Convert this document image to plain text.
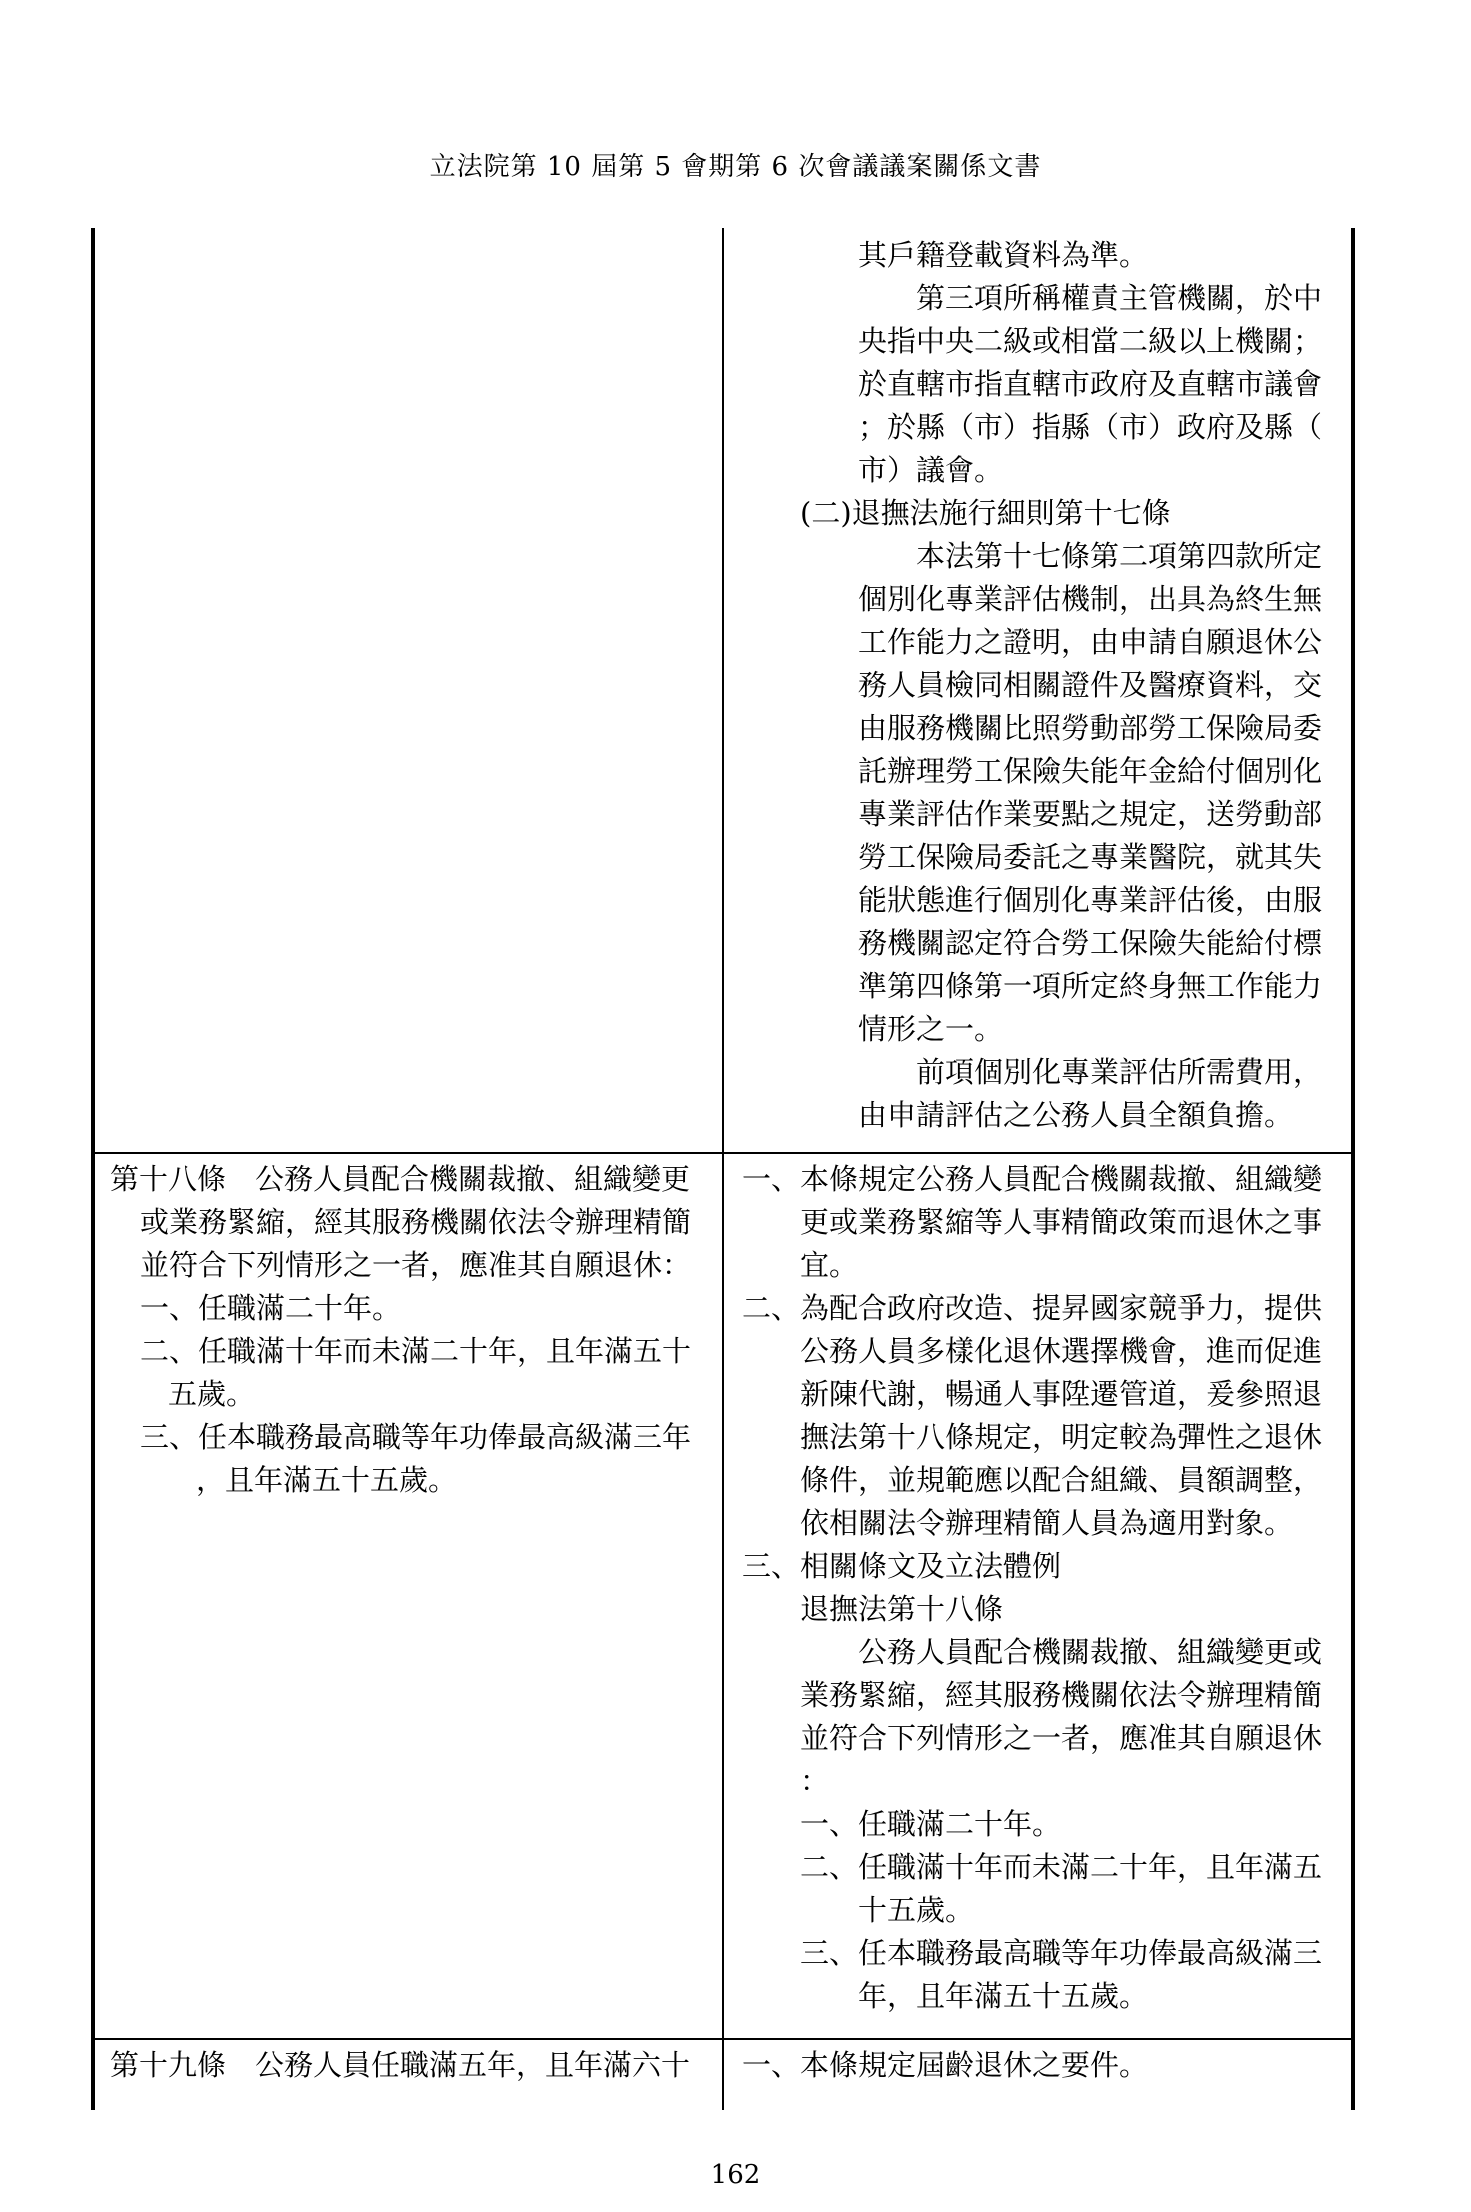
立法院第 10 屆第 5 會期第 6 次會議議案關係文書
其戶籍登載資料為準。
　　第三項所稱權責主管機關，於中
央指中央二級或相當二級以上機關；
於直轄市指直轄市政府及直轄市議會
；於縣（市）指縣（市）政府及縣（
市）議會。
(二)退撫法施行細則第十七條
　　本法第十七條第二項第四款所定
個別化專業評估機制，出具為終生無
工作能力之證明，由申請自願退休公
務人員檢同相關證件及醫療資料，交
由服務機關比照勞動部勞工保險局委
託辦理勞工保險失能年金給付個別化
專業評估作業要點之規定，送勞動部
勞工保險局委託之專業醫院，就其失
能狀態進行個別化專業評估後，由服
務機關認定符合勞工保險失能給付標
準第四條第一項所定終身無工作能力
情形之一。
　　前項個別化專業評估所需費用，
由申請評估之公務人員全額負擔。
第十八條　公務人員配合機關裁撤、組織變更
或業務緊縮，經其服務機關依法令辦理精簡
並符合下列情形之一者，應准其自願退休：
一、任職滿二十年。
二、任職滿十年而未滿二十年，且年滿五十
五歲。
三、任本職務最高職等年功俸最高級滿三年
，且年滿五十五歲。
一、本條規定公務人員配合機關裁撤、組織變
更或業務緊縮等人事精簡政策而退休之事
宜。
二、為配合政府改造、提昇國家競爭力，提供
公務人員多樣化退休選擇機會，進而促進
新陳代謝，暢通人事陞遷管道，爰參照退
撫法第十八條規定，明定較為彈性之退休
條件，並規範應以配合組織、員額調整，
依相關法令辦理精簡人員為適用對象。
三、相關條文及立法體例
退撫法第十八條
　　公務人員配合機關裁撤、組織變更或
業務緊縮，經其服務機關依法令辦理精簡
並符合下列情形之一者，應准其自願退休
：
一、任職滿二十年。
二、任職滿十年而未滿二十年，且年滿五
十五歲。
三、任本職務最高職等年功俸最高級滿三
年，且年滿五十五歲。
第十九條　公務人員任職滿五年，且年滿六十	一、本條規定屆齡退休之要件。
162
